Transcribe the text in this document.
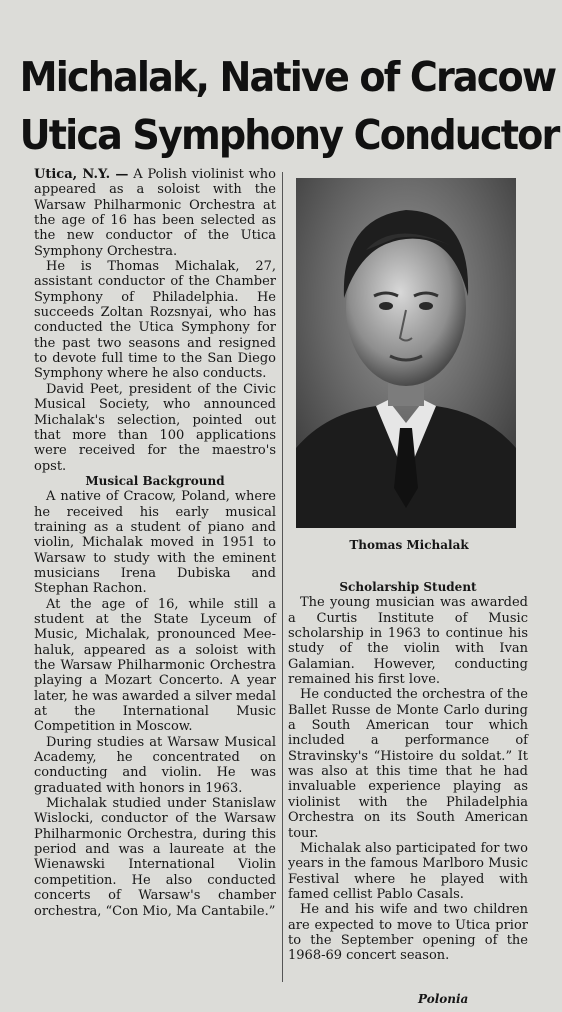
Michalak, Native of Cracow
Utica Symphony Conductor

Utica, N.Y. — A Polish violinist who appeared as a soloist with the Warsaw Philharmonic Orchestra at the age of 16 has been selected as the new conductor of the Utica Symphony Orchestra.

He is Thomas Michalak, 27, assistant conductor of the Chamber Symphony of Philadelphia. He succeeds Zoltan Rozsnyai, who has conducted the Utica Symphony for the past two seasons and resigned to devote full time to the San Diego Symphony where he also conducts.

David Peet, president of the Civic Musical Society, who announced Michalak's selection, pointed out that more than 100 applications were received for the maestro's opst.

Musical Background

A native of Cracow, Poland, where he received his early musical training as a student of piano and violin, Michalak moved in 1951 to Warsaw to study with the eminent musicians Irena Dubiska and Stephan Rachon.

At the age of 16, while still a student at the State Lyceum of Music, Michalak, pronounced Mee-haluk, appeared as a soloist with the Warsaw Philharmonic Orchestra playing a Mozart Concerto. A year later, he was awarded a silver medal at the International Music Competition in Moscow.

During studies at Warsaw Musical Academy, he concentrated on conducting and violin. He was graduated with honors in 1963.

Michalak studied under Stanislaw Wislocki, conductor of the Warsaw Philharmonic Orchestra, during this period and was a laureate at the Wienawski International Violin competition. He also conducted concerts of Warsaw's chamber orchestra, “Con Mio, Ma Cantabile.”

Thomas Michalak

Scholarship Student

The young musician was awarded a Curtis Institute of Music scholarship in 1963 to continue his study of the violin with Ivan Galamian. However, conducting remained his first love.

He conducted the orchestra of the Ballet Russe de Monte Carlo during a South American tour which included a performance of Stravinsky's “Histoire du soldat.” It was also at this time that he had invaluable experience playing as violinist with the Philadelphia Orchestra on its South American tour.

Michalak also participated for two years in the famous Marlboro Music Festival where he played with famed cellist Pablo Casals.

He and his wife and two children are expected to move to Utica prior to the September opening of the 1968-69 concert season.

Polonia
